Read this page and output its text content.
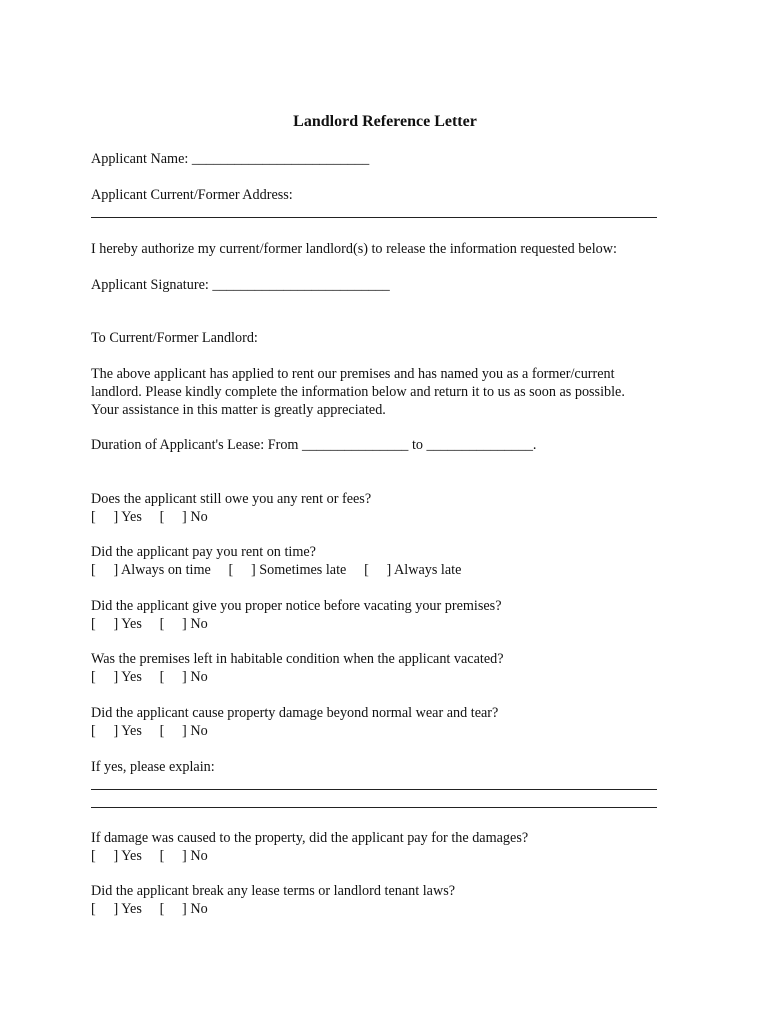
Landlord Reference Letter
Applicant Name: _________________________
Applicant Current/Former Address:
I hereby authorize my current/former landlord(s) to release the information requested below:
Applicant Signature: _________________________
To Current/Former Landlord:
The above applicant has applied to rent our premises and has named you as a former/current
landlord. Please kindly complete the information below and return it to us as soon as possible.
Your assistance in this matter is greatly appreciated.
Duration of Applicant's Lease: From _______________ to _______________.
Does the applicant still owe you any rent or fees?
[     ] Yes [     ] No
Did the applicant pay you rent on time?
[     ] Always on time [     ] Sometimes late [     ] Always late
Did the applicant give you proper notice before vacating your premises?
[     ] Yes [     ] No
Was the premises left in habitable condition when the applicant vacated?
[     ] Yes [     ] No
Did the applicant cause property damage beyond normal wear and tear?
[     ] Yes [     ] No
If yes, please explain:
If damage was caused to the property, did the applicant pay for the damages?
[     ] Yes [     ] No
Did the applicant break any lease terms or landlord tenant laws?
[     ] Yes [     ] No
